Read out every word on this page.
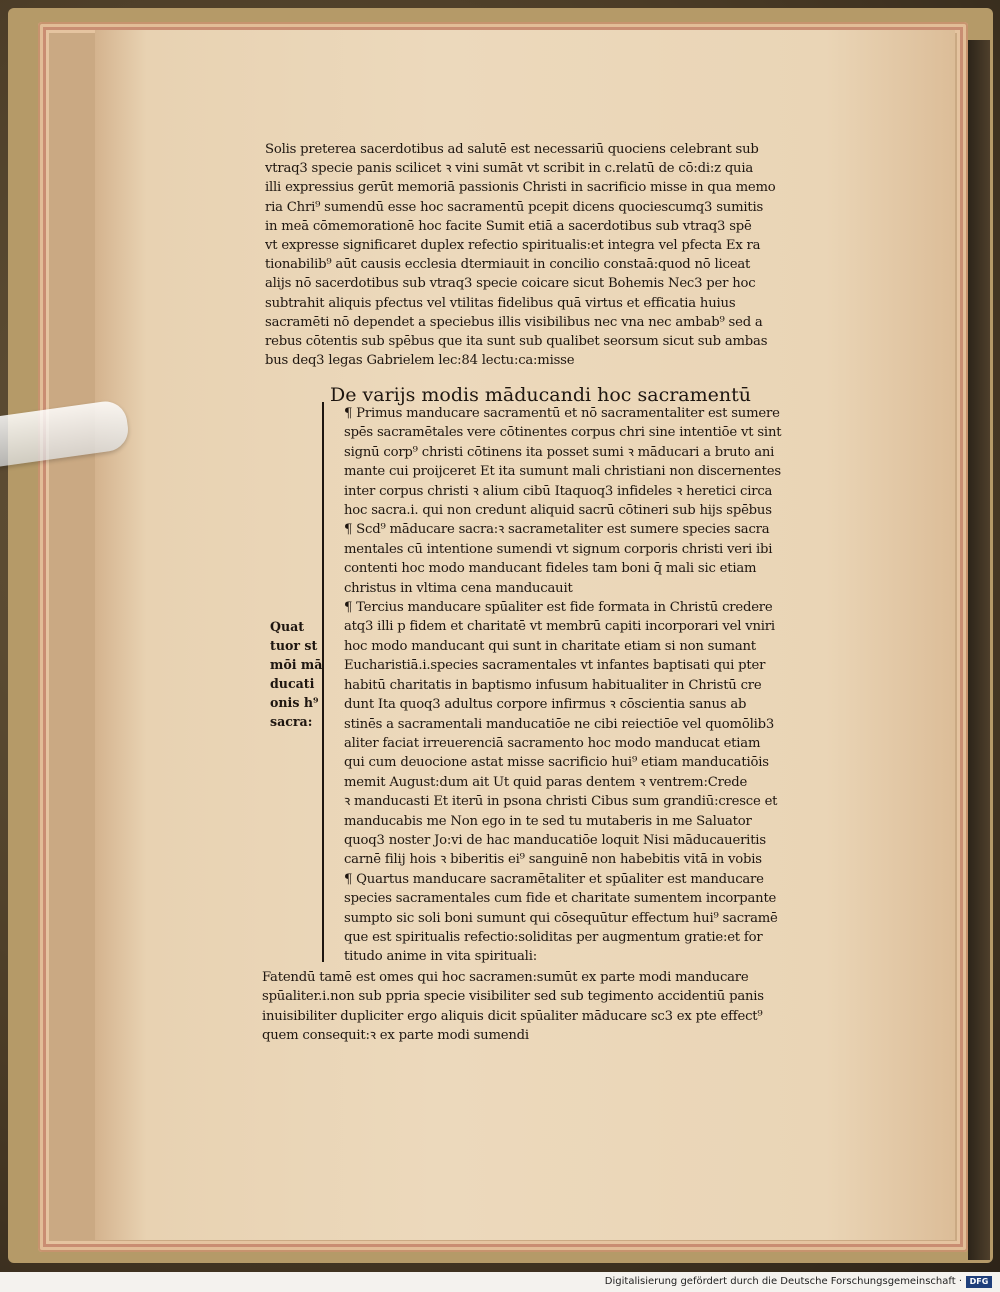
Solis preterea sacerdotibus ad salutē est necessariū quociens celebrant sub
vtraq3 specie panis scilicet ꝛ vini sumāt vt scribit in c.relatū de cō:di:z quia
illi expressius gerūt memoriā passionis Christi in sacrificio misse in qua memo
ria Chri⁹ sumendū esse hoc sacramentū pcepit dicens quociescumq3 sumitis
in meā cōmemorationē hoc facite Sumit etiā a sacerdotibus sub vtraq3 spē
vt expresse significaret duplex refectio spiritualis:et integra vel pfecta Ex ra
tionabilib⁹ aūt causis ecclesia dtermiauit in concilio constaā:quod nō liceat
alijs nō sacerdotibus sub vtraq3 specie coicare sicut Bohemis Nec3 per hoc
subtrahit aliquis pfectus vel vtilitas fidelibus quā virtus et efficatia huius
sacramēti nō dependet a speciebus illis visibilibus nec vna nec ambab⁹ sed a
rebus cōtentis sub spēbus que ita sunt sub qualibet seorsum sicut sub ambas
bus deq3 legas Gabrielem lec:84 lectu:ca:misse
De varijs modis māducandi hoc sacramentū
Quat
tuor st
mōi mā
ducati
onis h⁹
sacra:
¶ Primus manducare sacramentū et nō sacramentaliter est sumere
spēs sacramētales vere cōtinentes corpus chri sine intentiōe vt sint
signū corp⁹ christi cōtinens ita posset sumi ꝛ māducari a bruto ani
mante cui proijceret Et ita sumunt mali christiani non discernentes
inter corpus christi ꝛ alium cibū Itaquoq3 infideles ꝛ heretici circa
hoc sacra.i. qui non credunt aliquid sacrū cōtineri sub hijs spēbus
¶ Scd⁹ māducare sacra:ꝛ sacrametaliter est sumere species sacra
mentales cū intentione sumendi vt signum corporis christi veri ibi
contenti hoc modo manducant fideles tam boni q̄ mali sic etiam
christus in vltima cena manducauit
¶ Tercius manducare spūaliter est fide formata in Christū credere
atq3 illi p fidem et charitatē vt membrū capiti incorporari vel vniri
hoc modo manducant qui sunt in charitate etiam si non sumant
Eucharistiā.i.species sacramentales vt infantes baptisati qui pter
habitū charitatis in baptismo infusum habitualiter in Christū cre
dunt Ita quoq3 adultus corpore infirmus ꝛ cōscientia sanus ab
stinēs a sacramentali manducatiōe ne cibi reiectiōe vel quomōlib3
aliter faciat irreuerenciā sacramento hoc modo manducat etiam
qui cum deuocione astat misse sacrificio hui⁹ etiam manducatiōis
memit August:dum ait Ut quid paras dentem ꝛ ventrem:Crede
ꝛ manducasti Et iterū in psona christi Cibus sum grandiū:cresce et
manducabis me Non ego in te sed tu mutaberis in me Saluator
quoq3 noster Jo:vi de hac manducatiōe loquit Nisi māducaueritis
carnē filij hois ꝛ biberitis ei⁹ sanguinē non habebitis vitā in vobis
¶ Quartus manducare sacramētaliter et spūaliter est manducare
species sacramentales cum fide et charitate sumentem incorpante
sumpto sic soli boni sumunt qui cōsequūtur effectum hui⁹ sacramē
que est spiritualis refectio:soliditas per augmentum gratie:et for
titudo anime in vita spirituali:
Fatendū tamē est omes qui hoc sacramen:sumūt ex parte modi manducare
spūaliter.i.non sub ppria specie visibiliter sed sub tegimento accidentiū panis
inuisibiliter dupliciter ergo aliquis dicit spūaliter māducare sc3 ex pte effect⁹
quem consequit:ꝛ ex parte modi sumendi
Digitalisierung gefördert durch die Deutsche Forschungsgemeinschaft · DFG
